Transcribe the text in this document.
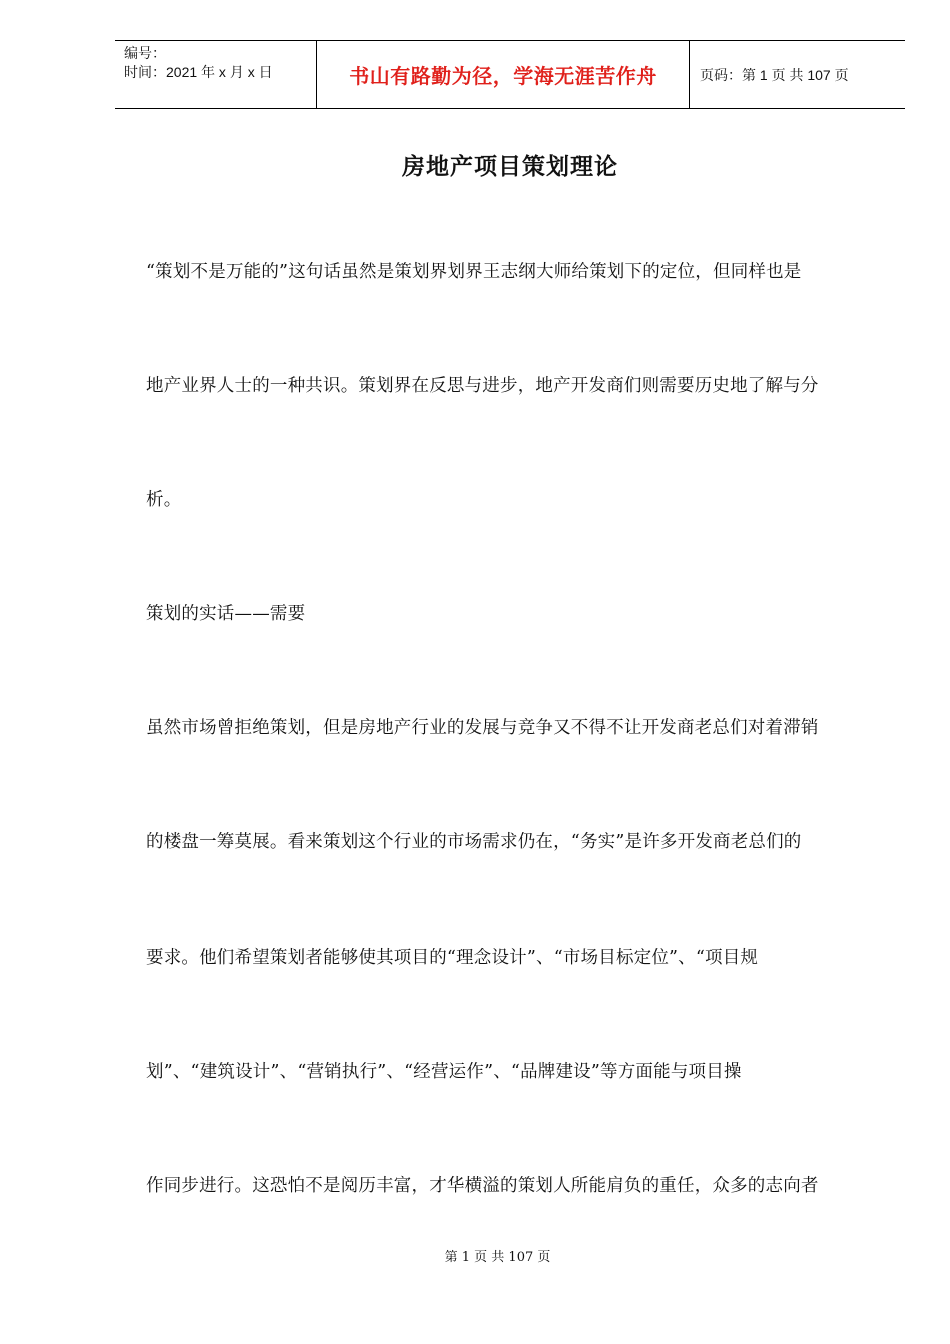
编号：
时间：2021 年 x 月 x 日	书山有路勤为径，学海无涯苦作舟	页码：第 1 页 共 107 页
房地产项目策划理论
“策划不是万能的”这句话虽然是策划界划界王志纲大师给策划下的定位，但同样也是
地产业界人士的一种共识。策划界在反思与进步，地产开发商们则需要历史地了解与分
析。
策划的实话——需要
虽然市场曾拒绝策划，但是房地产行业的发展与竞争又不得不让开发商老总们对着滞销
的楼盘一筹莫展。看来策划这个行业的市场需求仍在，“务实”是许多开发商老总们的
要求。他们希望策划者能够使其项目的“理念设计”、“市场目标定位”、“项目规
划”、“建筑设计”、“营销执行”、“经营运作”、“品牌建设”等方面能与项目操
作同步进行。这恐怕不是阅历丰富，才华横溢的策划人所能肩负的重任，众多的志向者
第 1 页 共 107 页
